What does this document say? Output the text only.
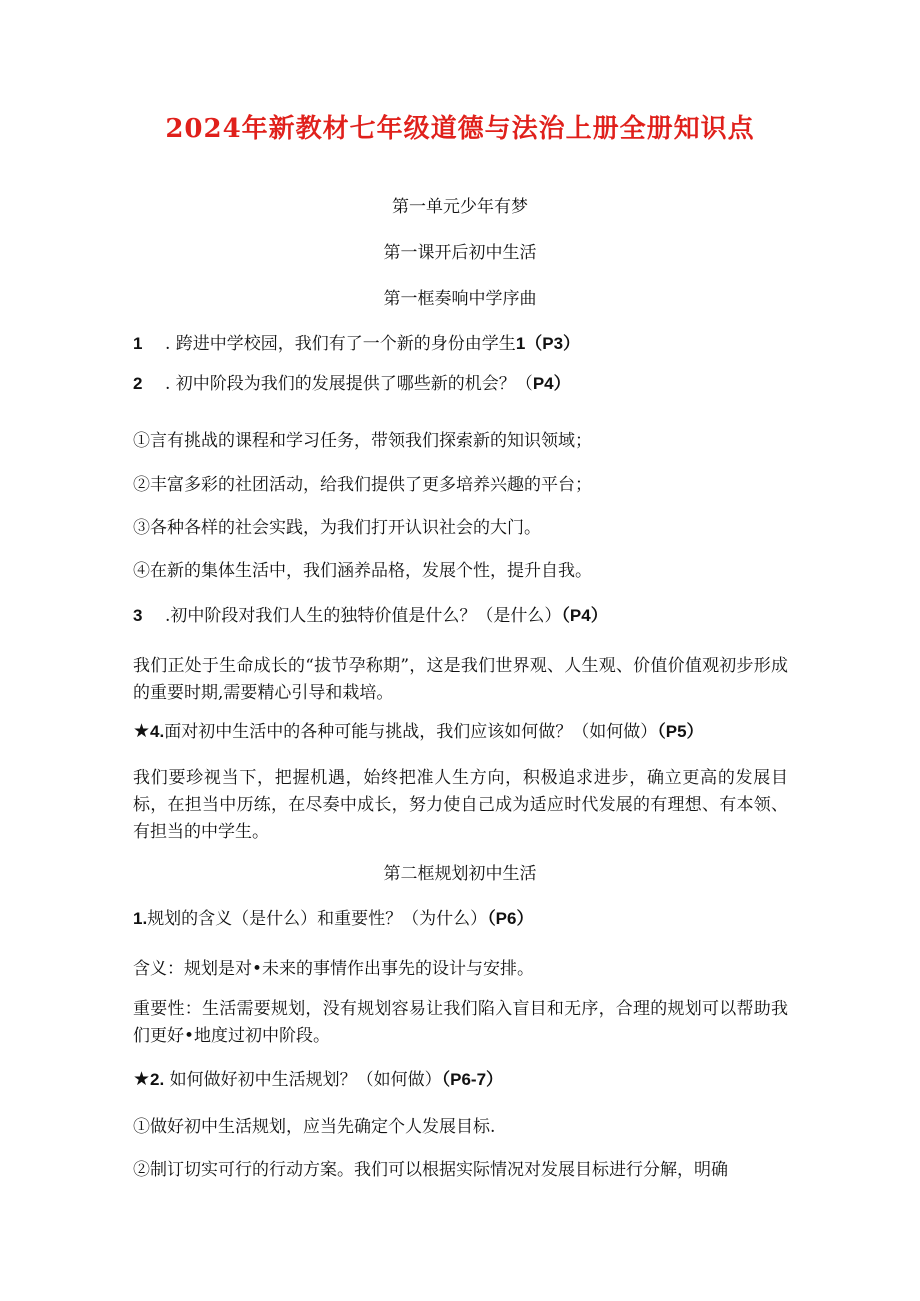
2024年新教材七年级道德与法治上册全册知识点
第一单元少年有梦
第一课开后初中生活
第一框奏响中学序曲
1 . 跨进中学校园，我们有了一个新的身份由学生1（P3）
2 . 初中阶段为我们的发展提供了哪些新的机会？（P4）
①言有挑战的课程和学习任务，带领我们探索新的知识领域；
②丰富多彩的社团活动，给我们提供了更多培养兴趣的平台；
③各种各样的社会实践，为我们打开认识社会的大门。
④在新的集体生活中，我们涵养品格，发展个性，提升自我。
3 .初中阶段对我们人生的独特价值是什么？（是什么）（P4）
我们正处于生命成长的“拔节孕称期”，这是我们世界观、人生观、价值价值观初步形成的重要时期,需要精心引导和栽培。
★4.面对初中生活中的各种可能与挑战，我们应该如何做？（如何做）（P5）
我们要珍视当下，把握机遇，始终把准人生方向，积极追求进步，确立更高的发展目标，在担当中历练，在尽奏中成长，努力使自己成为适应时代发展的有理想、有本领、有担当的中学生。
第二框规划初中生活
1.规划的含义（是什么）和重要性？（为什么）（P6）
含义：规划是对•未来的事情作出事先的设计与安排。
重要性：生活需要规划，没有规划容易让我们陷入盲目和无序，合理的规划可以帮助我们更好•地度过初中阶段。
★2. 如何做好初中生活规划？（如何做）（P6-7）
①做好初中生活规划，应当先确定个人发展目标.
②制订切实可行的行动方案。我们可以根据实际情况对发展目标进行分解，明确
